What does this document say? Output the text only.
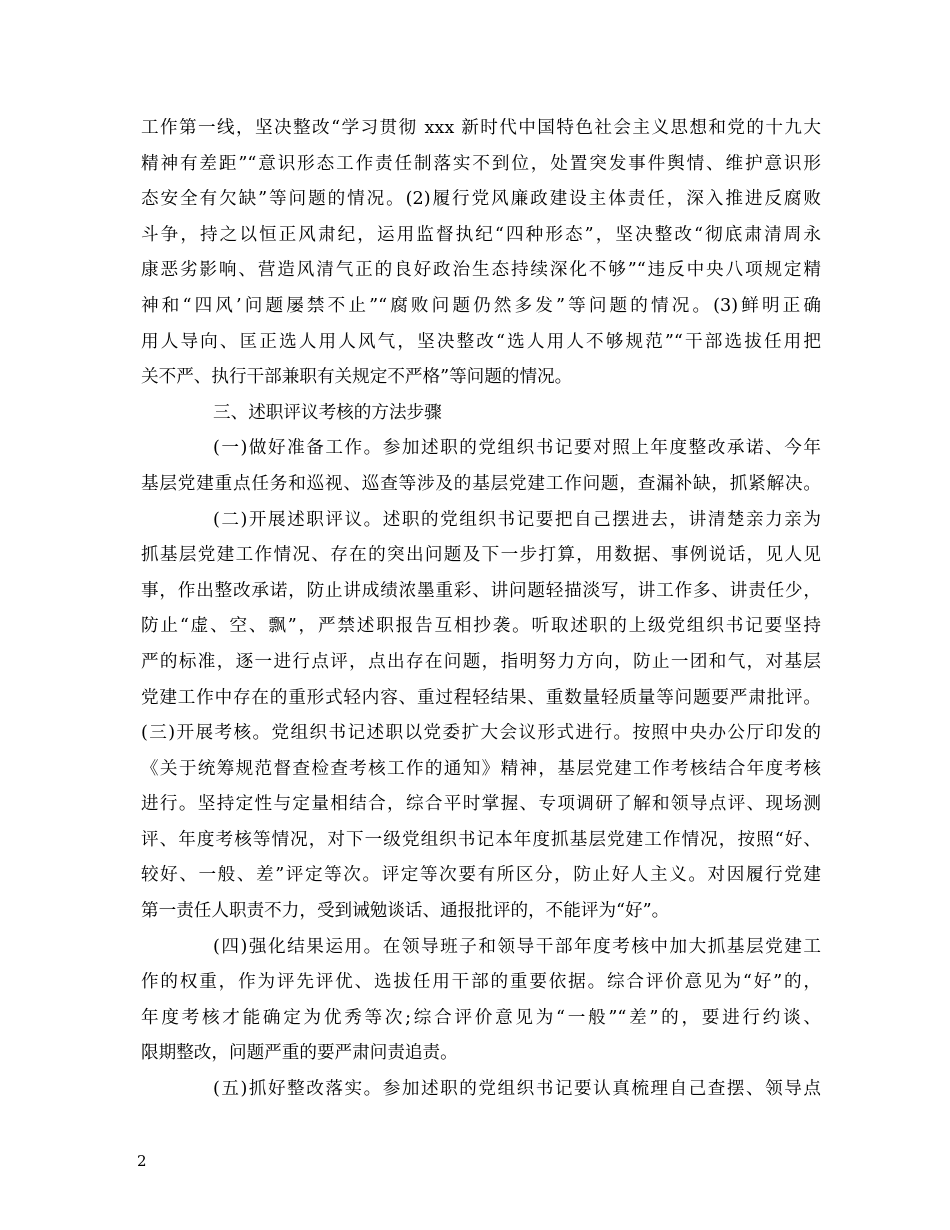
工作第一线，坚决整改“学习贯彻 xxx 新时代中国特色社会主义思想和党的十九大
精神有差距”“意识形态工作责任制落实不到位，处置突发事件舆情、维护意识形
态安全有欠缺”等问题的情况。(2)履行党风廉政建设主体责任，深入推进反腐败
斗争，持之以恒正风肃纪，运用监督执纪“四种形态”，坚决整改“彻底肃清周永
康恶劣影响、营造风清气正的良好政治生态持续深化不够”“违反中央八项规定精
神和“四风’问题屡禁不止”“腐败问题仍然多发”等问题的情况。(3)鲜明正确
用人导向、匡正选人用人风气，坚决整改“选人用人不够规范”“干部选拔任用把
关不严、执行干部兼职有关规定不严格”等问题的情况。
三、述职评议考核的方法步骤
(一)做好准备工作。参加述职的党组织书记要对照上年度整改承诺、今年
基层党建重点任务和巡视、巡查等涉及的基层党建工作问题，查漏补缺，抓紧解决。
(二)开展述职评议。述职的党组织书记要把自己摆进去，讲清楚亲力亲为
抓基层党建工作情况、存在的突出问题及下一步打算，用数据、事例说话，见人见
事，作出整改承诺，防止讲成绩浓墨重彩、讲问题轻描淡写，讲工作多、讲责任少，
防止“虚、空、飘”，严禁述职报告互相抄袭。听取述职的上级党组织书记要坚持
严的标准，逐一进行点评，点出存在问题，指明努力方向，防止一团和气，对基层
党建工作中存在的重形式轻内容、重过程轻结果、重数量轻质量等问题要严肃批评。
(三)开展考核。党组织书记述职以党委扩大会议形式进行。按照中央办公厅印发的
《关于统筹规范督查检查考核工作的通知》精神，基层党建工作考核结合年度考核
进行。坚持定性与定量相结合，综合平时掌握、专项调研了解和领导点评、现场测
评、年度考核等情况，对下一级党组织书记本年度抓基层党建工作情况，按照“好、
较好、一般、差”评定等次。评定等次要有所区分，防止好人主义。对因履行党建
第一责任人职责不力，受到诫勉谈话、通报批评的，不能评为“好”。
(四)强化结果运用。在领导班子和领导干部年度考核中加大抓基层党建工
作的权重，作为评先评优、选拔任用干部的重要依据。综合评价意见为“好”的，
年度考核才能确定为优秀等次;综合评价意见为“一般”“差”的，要进行约谈、
限期整改，问题严重的要严肃问责追责。
(五)抓好整改落实。参加述职的党组织书记要认真梳理自己查摆、领导点
2
